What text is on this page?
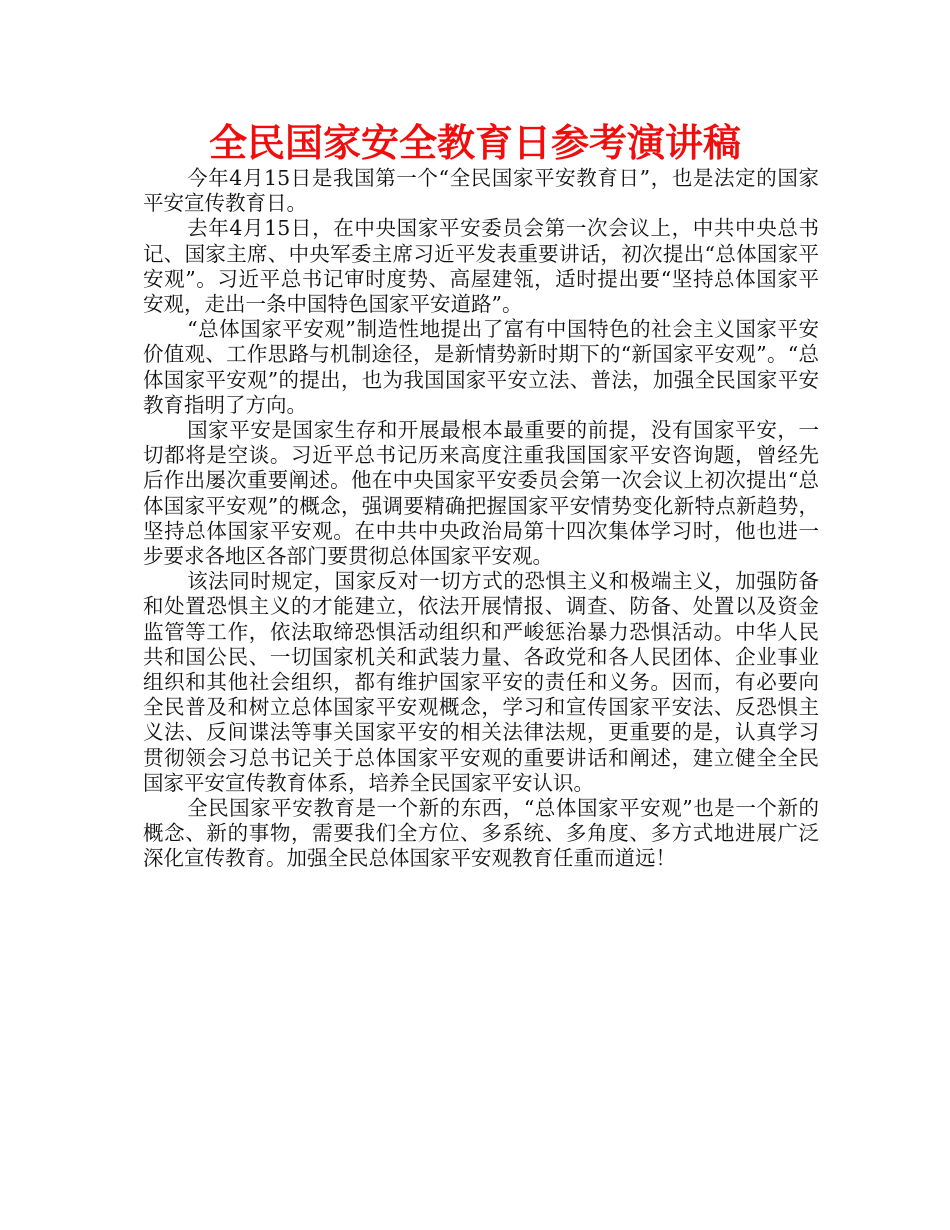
全民国家安全教育日参考演讲稿

今年4月15日是我国第一个“全民国家平安教育日”，也是法定的国家平安宣传教育日。

去年4月15日，在中央国家平安委员会第一次会议上，中共中央总书记、国家主席、中央军委主席习近平发表重要讲话，初次提出“总体国家平安观”。习近平总书记审时度势、高屋建瓴，适时提出要“坚持总体国家平安观，走出一条中国特色国家平安道路”。

“总体国家平安观”制造性地提出了富有中国特色的社会主义国家平安价值观、工作思路与机制途径，是新情势新时期下的“新国家平安观”。“总体国家平安观”的提出，也为我国国家平安立法、普法，加强全民国家平安教育指明了方向。

国家平安是国家生存和开展最根本最重要的前提，没有国家平安，一切都将是空谈。习近平总书记历来高度注重我国国家平安咨询题，曾经先后作出屡次重要阐述。他在中央国家平安委员会第一次会议上初次提出“总体国家平安观”的概念，强调要精确把握国家平安情势变化新特点新趋势，坚持总体国家平安观。在中共中央政治局第十四次集体学习时，他也进一步要求各地区各部门要贯彻总体国家平安观。

该法同时规定，国家反对一切方式的恐惧主义和极端主义，加强防备和处置恐惧主义的才能建立，依法开展情报、调查、防备、处置以及资金监管等工作，依法取缔恐惧活动组织和严峻惩治暴力恐惧活动。中华人民共和国公民、一切国家机关和武装力量、各政党和各人民团体、企业事业组织和其他社会组织，都有维护国家平安的责任和义务。因而，有必要向全民普及和树立总体国家平安观概念，学习和宣传国家平安法、反恐惧主义法、反间谍法等事关国家平安的相关法律法规，更重要的是，认真学习贯彻领会习总书记关于总体国家平安观的重要讲话和阐述，建立健全全民国家平安宣传教育体系，培养全民国家平安认识。

全民国家平安教育是一个新的东西，“总体国家平安观”也是一个新的概念、新的事物，需要我们全方位、多系统、多角度、多方式地进展广泛深化宣传教育。加强全民总体国家平安观教育任重而道远！
